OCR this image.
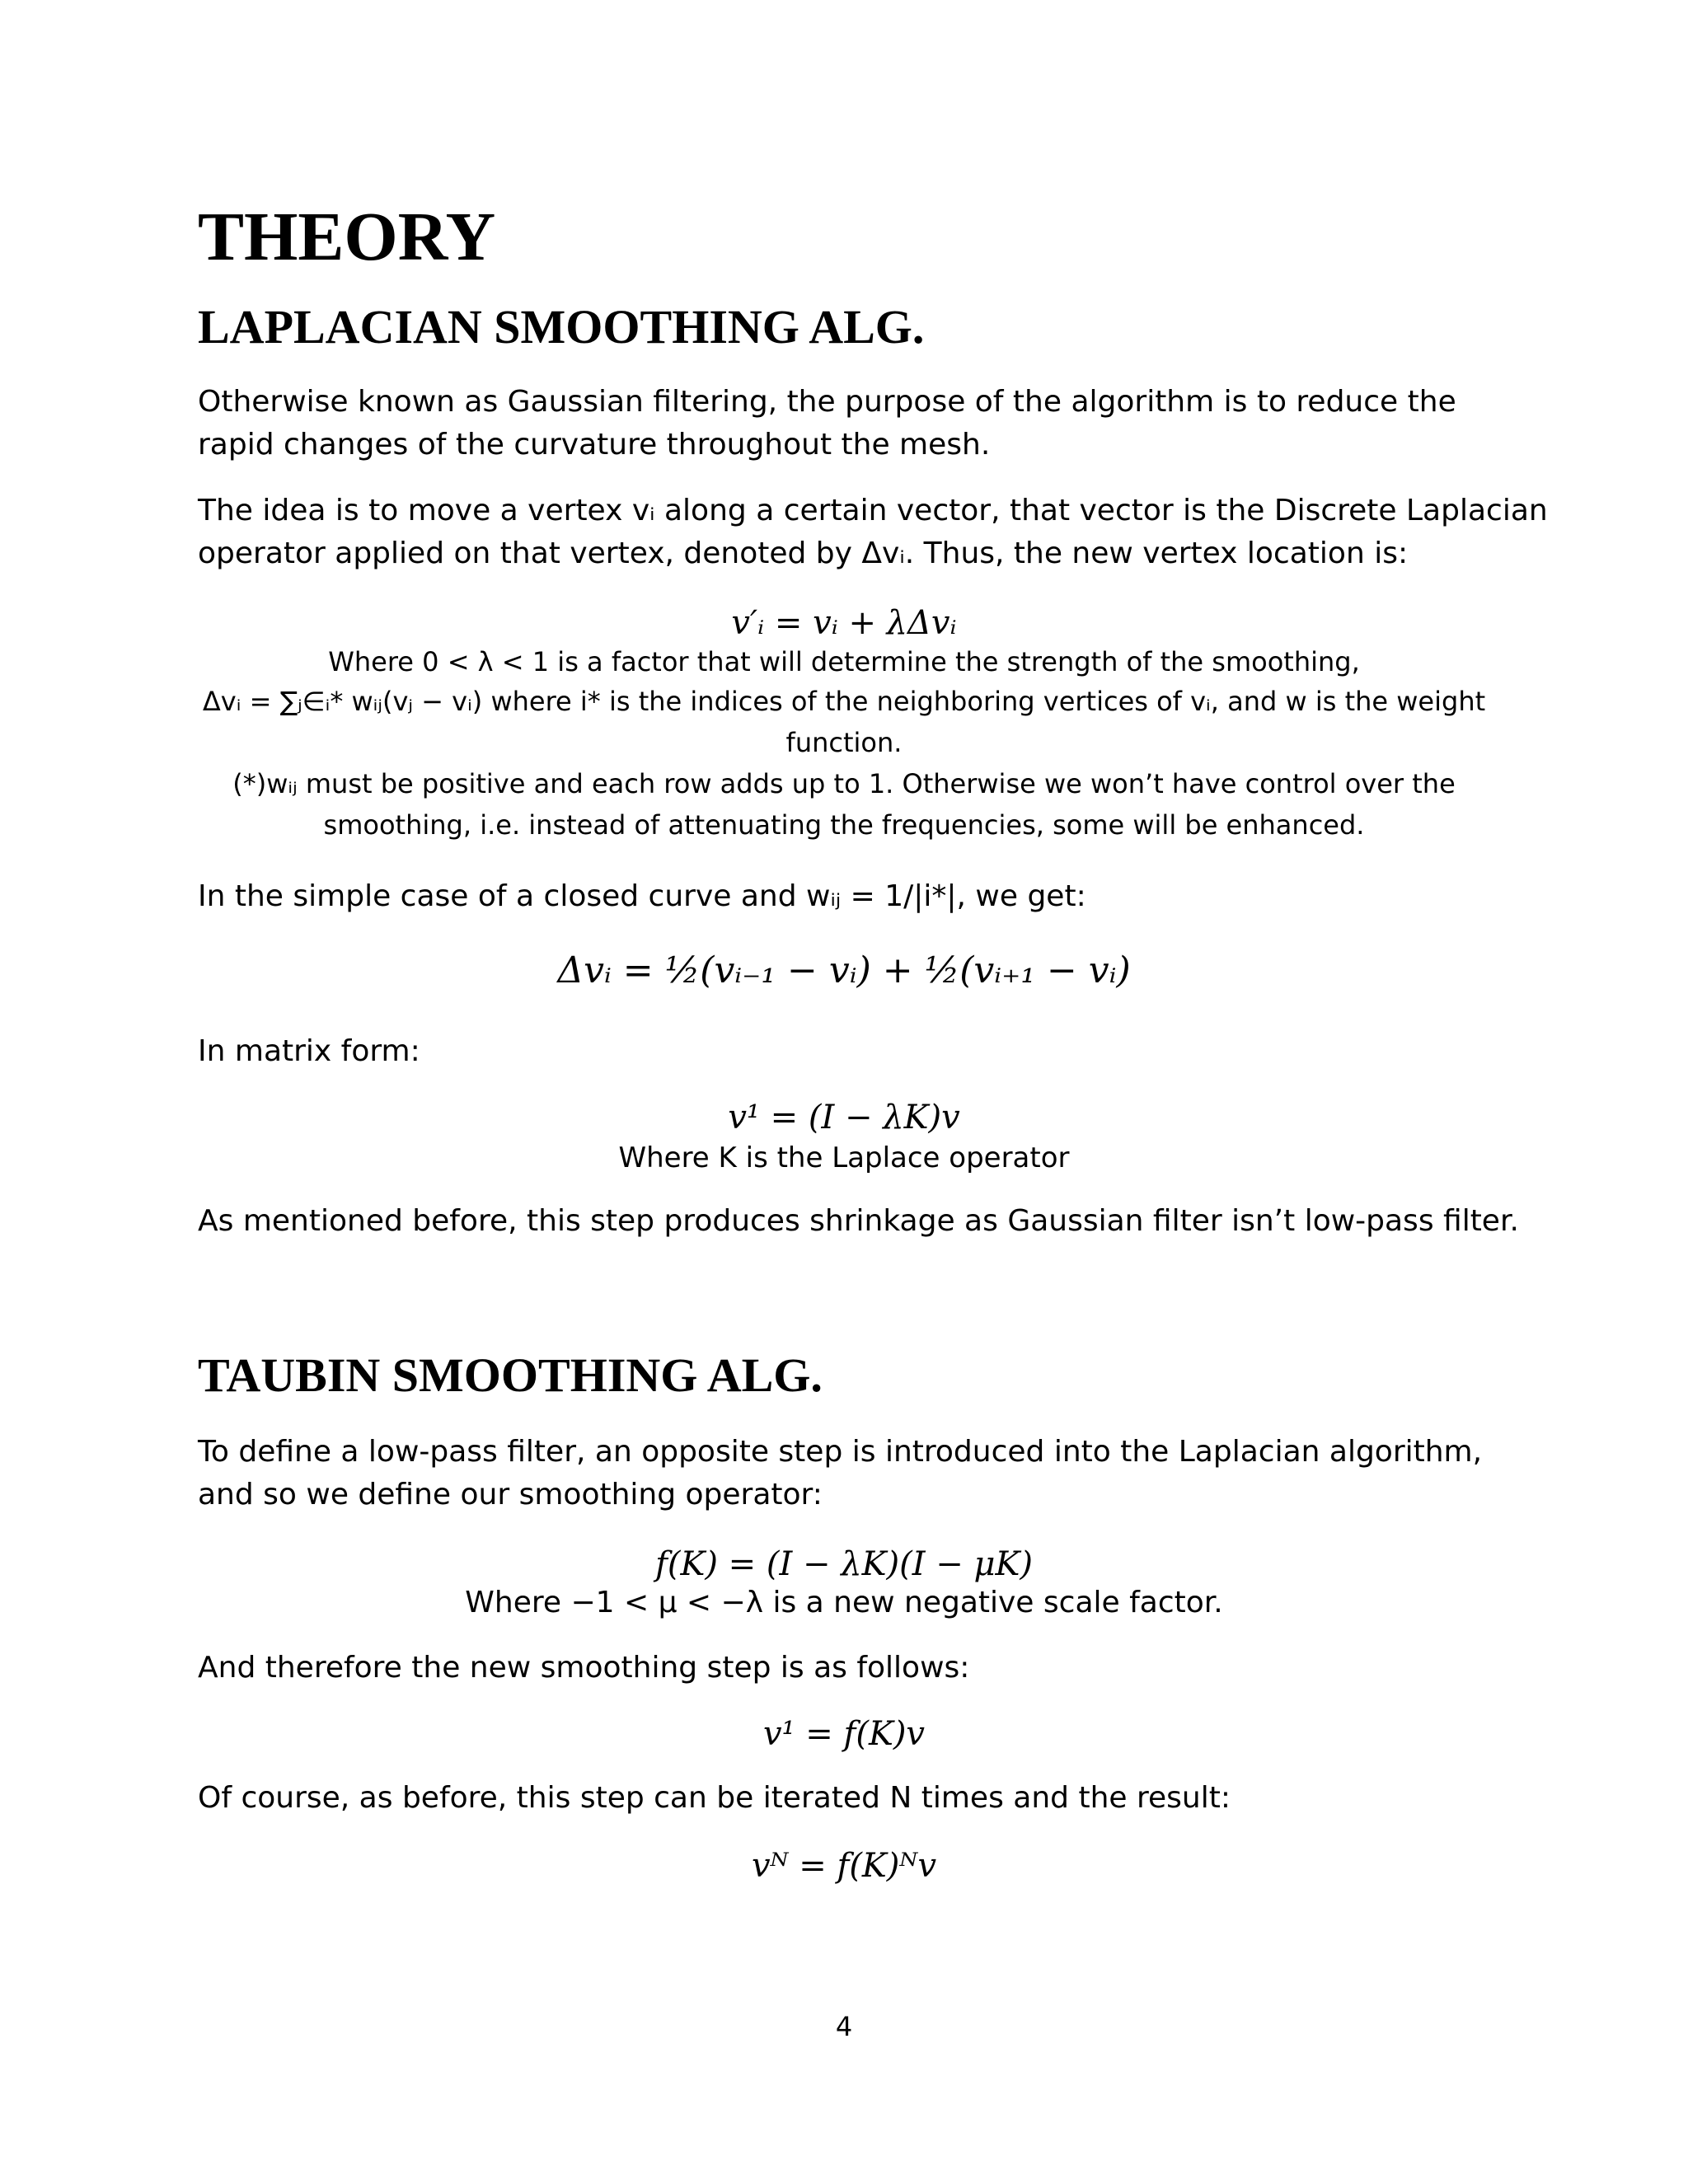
THEORY
LAPLACIAN SMOOTHING ALG.

Otherwise known as Gaussian filtering, the purpose of the algorithm is to reduce the rapid changes of the curvature throughout the mesh.

The idea is to move a vertex vᵢ along a certain vector, that vector is the Discrete Laplacian
operator applied on that vertex, denoted by Δvᵢ. Thus, the new vertex location is:
v′ᵢ = vᵢ + λΔvᵢ
Where 0 < λ < 1 is a factor that will determine the strength of the smoothing,
Δvᵢ = ∑ⱼ∈ᵢ* wᵢⱼ(vⱼ − vᵢ) where i* is the indices of the neighboring vertices of vᵢ, and w is the weight
function.
(*)wᵢⱼ must be positive and each row adds up to 1. Otherwise we won’t have control over the
smoothing, i.e. instead of attenuating the frequencies, some will be enhanced.
In the simple case of a closed curve and wᵢⱼ = 1/|i*|, we get:
Δvᵢ = ½(vᵢ₋₁ − vᵢ) + ½(vᵢ₊₁ − vᵢ)
In matrix form:
v¹ = (I − λK)v
Where K is the Laplace operator
As mentioned before, this step produces shrinkage as Gaussian filter isn’t low-pass filter.
TAUBIN SMOOTHING ALG.

To define a low-pass filter, an opposite step is introduced into the Laplacian algorithm, and so we define our smoothing operator:

f(K) = (I − λK)(I − μK)
Where −1 < μ < −λ is a new negative scale factor.
And therefore the new smoothing step is as follows:
v¹ = f(K)v
Of course, as before, this step can be iterated N times and the result:
vᴺ = f(K)ᴺv
4
